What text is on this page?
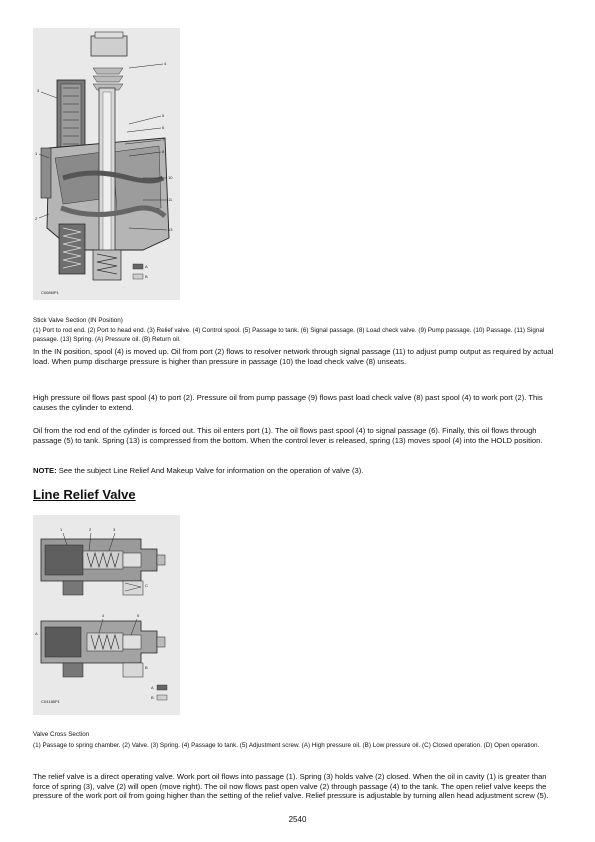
4
3
5
6
7
8
10
11
13
1
2
A
B
C0086IP1
Stick Valve Section (IN Position)
(1) Port to rod end. (2) Port to head end. (3) Relief valve. (4) Control spool. (5) Passage to tank. (6) Signal passage. (8) Load check valve. (9) Pump passage. (10) Passage. (11) Signal passage. (13) Spring. (A) Pressure oil. (B) Return oil.

In the IN position, spool (4) is moved up. Oil from port (2) flows to resolver network through signal passage (11) to adjust pump output as required by actual load. When pump discharge pressure is higher than pressure in passage (10) the load check valve (8) unseats.

High pressure oil flows past spool (4) to port (2). Pressure oil from pump passage (9) flows past load check valve (8) past spool (4) to work port (2). This causes the cylinder to extend.

Oil from the rod end of the cylinder is forced out. This oil enters port (1). The oil flows past spool (4) to signal passage (6). Finally, this oil flows through passage (5) to tank. Spring (13) is compressed from the bottom. When the control lever is released, spring (13) moves spool (4) into the HOLD position.

NOTE: See the subject Line Relief And Makeup Valve for information on the operation of valve (3).

Line Relief Valve
1	2	3
C
4	5
A
B
A
B
C04185P1
Valve Cross Section
(1) Passage to spring chamber. (2) Valve. (3) Spring. (4) Passage to tank. (5) Adjustment screw. (A) High pressure oil. (B) Low pressure oil. (C) Closed operation. (D) Open operation.

The relief valve is a direct operating valve. Work port oil flows into passage (1). Spring (3) holds valve (2) closed. When the oil in cavity (1) is greater than force of spring (3), valve (2) will open (move right). The oil now flows past open valve (2) through passage (4) to the tank. The open relief valve keeps the pressure of the work port oil from going higher than the setting of the relief valve. Relief pressure is adjustable by turning allen head adjustment screw (5).

2540
